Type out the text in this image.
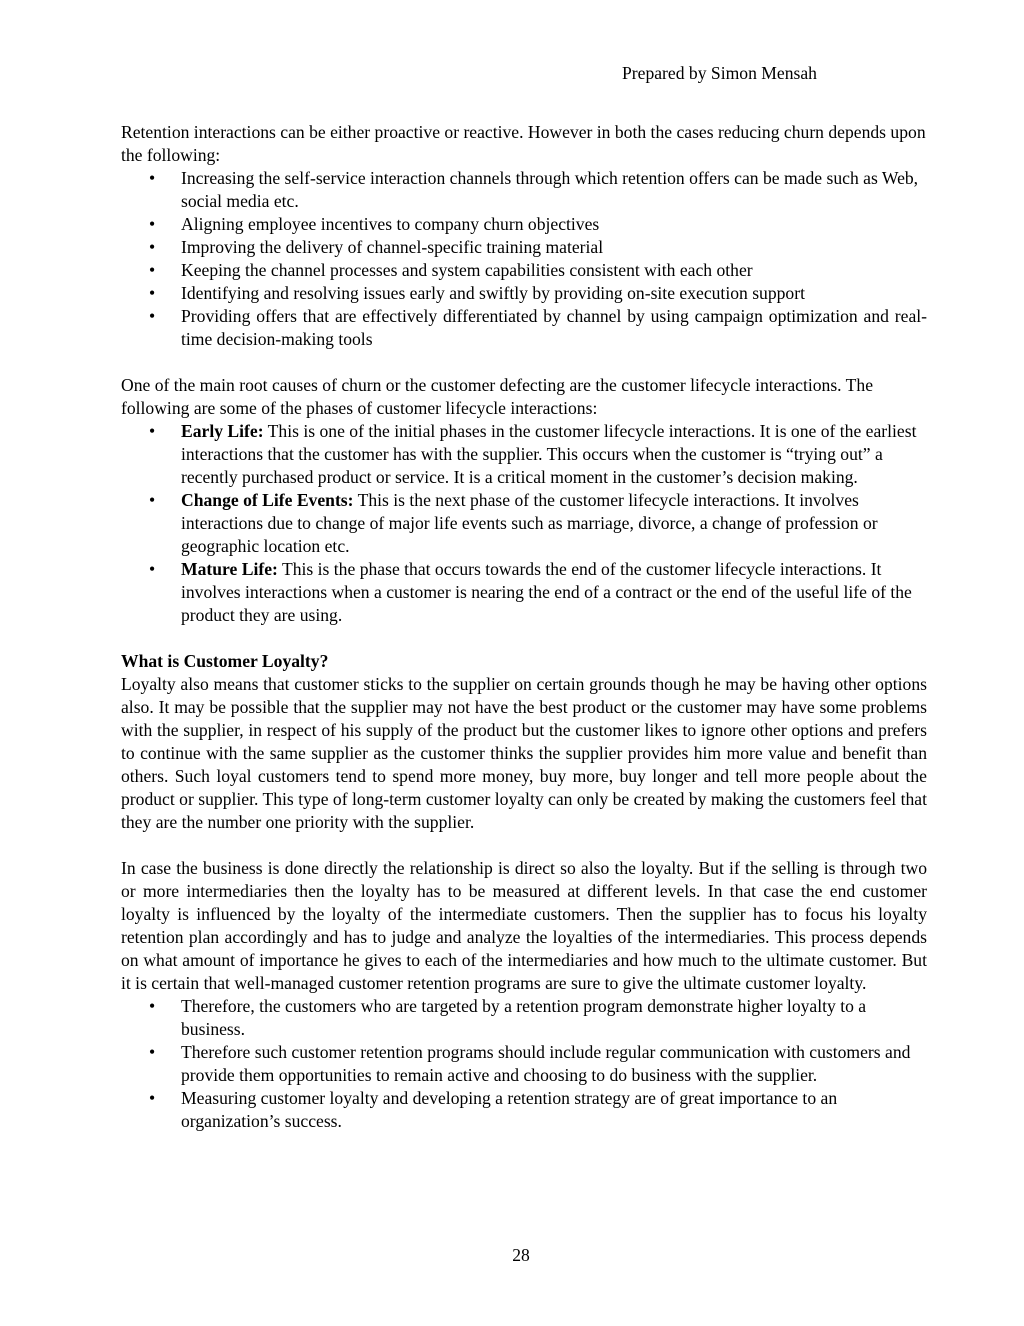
Prepared by Simon Mensah

Retention interactions can be either proactive or reactive. However in both the cases reducing churn depends upon the following:

• Increasing the self-service interaction channels through which retention offers can be made such as Web, social media etc.
• Aligning employee incentives to company churn objectives
• Improving the delivery of channel-specific training material
• Keeping the channel processes and system capabilities consistent with each other
• Identifying and resolving issues early and swiftly by providing on-site execution support
• Providing offers that are effectively differentiated by channel by using campaign optimization and real-time decision-making tools

One of the main root causes of churn or the customer defecting are the customer lifecycle interactions. The following are some of the phases of customer lifecycle interactions:

• Early Life: This is one of the initial phases in the customer lifecycle interactions. It is one of the earliest interactions that the customer has with the supplier. This occurs when the customer is “trying out” a recently purchased product or service. It is a critical moment in the customer’s decision making.
• Change of Life Events: This is the next phase of the customer lifecycle interactions. It involves interactions due to change of major life events such as marriage, divorce, a change of profession or geographic location etc.
• Mature Life: This is the phase that occurs towards the end of the customer lifecycle interactions. It involves interactions when a customer is nearing the end of a contract or the end of the useful life of the product they are using.

What is Customer Loyalty?

Loyalty also means that customer sticks to the supplier on certain grounds though he may be having other options also. It may be possible that the supplier may not have the best product or the customer may have some problems with the supplier, in respect of his supply of the product but the customer likes to ignore other options and prefers to continue with the same supplier as the customer thinks the supplier provides him more value and benefit than others. Such loyal customers tend to spend more money, buy more, buy longer and tell more people about the product or supplier. This type of long-term customer loyalty can only be created by making the customers feel that they are the number one priority with the supplier.

In case the business is done directly the relationship is direct so also the loyalty. But if the selling is through two or more intermediaries then the loyalty has to be measured at different levels. In that case the end customer loyalty is influenced by the loyalty of the intermediate customers. Then the supplier has to focus his loyalty retention plan accordingly and has to judge and analyze the loyalties of the intermediaries. This process depends on what amount of importance he gives to each of the intermediaries and how much to the ultimate customer. But it is certain that well-managed customer retention programs are sure to give the ultimate customer loyalty.

• Therefore, the customers who are targeted by a retention program demonstrate higher loyalty to a business.
• Therefore such customer retention programs should include regular communication with customers and provide them opportunities to remain active and choosing to do business with the supplier.
• Measuring customer loyalty and developing a retention strategy are of great importance to an organization’s success.
28
